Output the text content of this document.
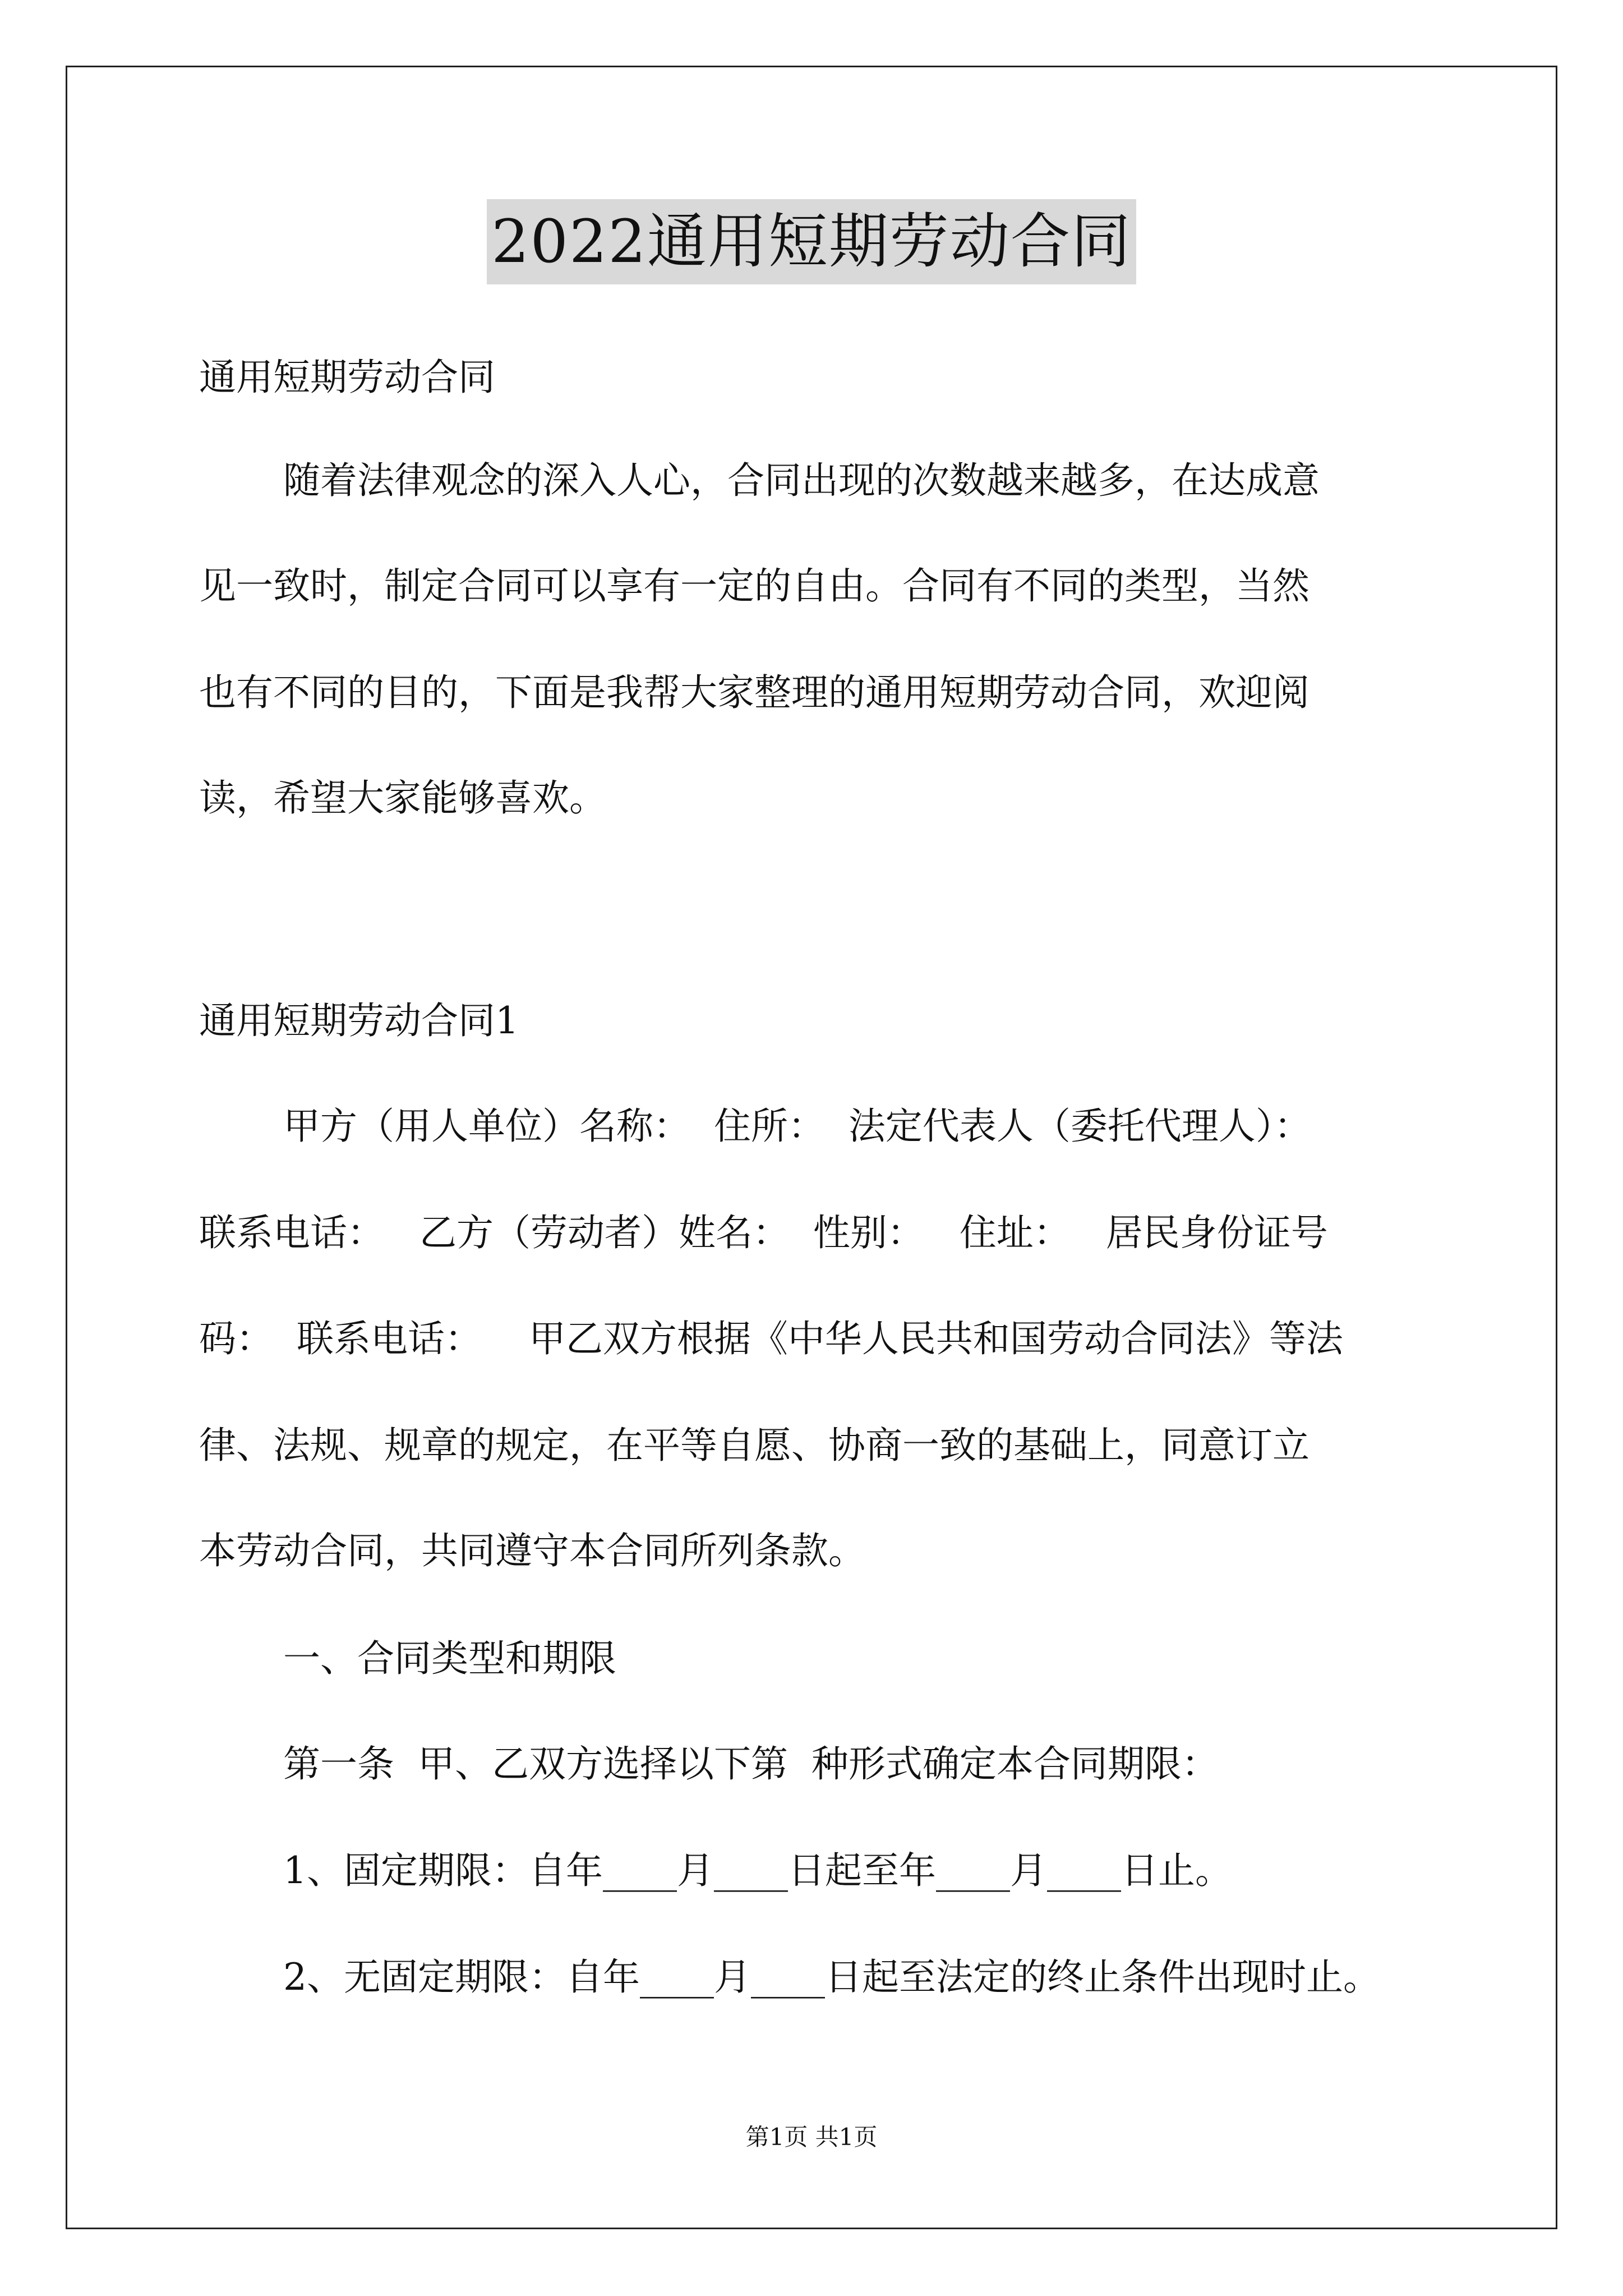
2022通用短期劳动合同
通用短期劳动合同
随着法律观念的深入人心，合同出现的次数越来越多，在达成意
见一致时，制定合同可以享有一定的自由。合同有不同的类型，当然
也有不同的目的，下面是我帮大家整理的通用短期劳动合同，欢迎阅
读，希望大家能够喜欢。
通用短期劳动合同1
甲方（用人单位）名称：  住所：  法定代表人（委托代理人）：
联系电话：   乙方（劳动者）姓名：  性别：   住址：   居民身份证号
码：  联系电话：    甲乙双方根据《中华人民共和国劳动合同法》等法
律、法规、规章的规定，在平等自愿、协商一致的基础上，同意订立
本劳动合同，共同遵守本合同所列条款。
一、合同类型和期限
第一条  甲、乙双方选择以下第  种形式确定本合同期限：
1、固定期限：自年____月____日起至年____月____日止。
2、无固定期限：自年____月____日起至法定的终止条件出现时止。
第1页 共1页
